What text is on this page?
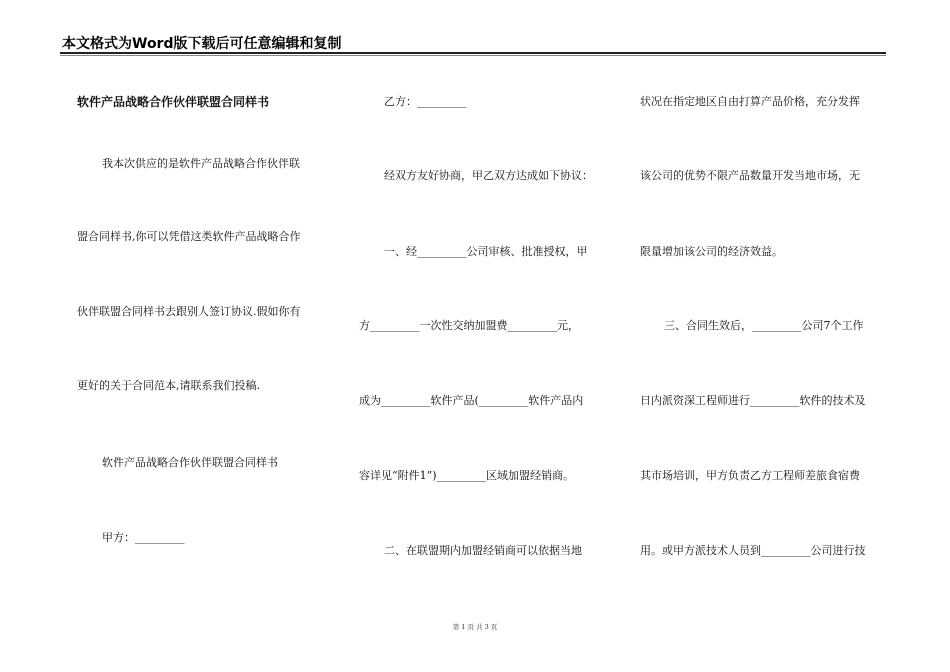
本文格式为Word版下载后可任意编辑和复制
软件产品战略合作伙伴联盟合同样书
我本次供应的是软件产品战略合作伙伴联
盟合同样书,你可以凭借这类软件产品战略合作
伙伴联盟合同样书去跟别人签订协议.假如你有
更好的关于合同范本,请联系我们投稿.
软件产品战略合作伙伴联盟合同样书
甲方：_________
乙方：_________
经双方友好协商，甲乙双方达成如下协议：
一、经_________公司审核、批准授权，甲
方_________一次性交纳加盟费_________元，
成为_________软件产品(_________软件产品内
容详见“附件1”)_________区域加盟经销商。
二、在联盟期内加盟经销商可以依据当地
状况在指定地区自由打算产品价格，充分发挥
该公司的优势不限产品数量开发当地市场，无
限量增加该公司的经济效益。
三、合同生效后，_________公司7个工作
日内派资深工程师进行_________软件的技术及
其市场培训，甲方负责乙方工程师差旅食宿费
用。或甲方派技术人员到_________公司进行技
第 1 页 共 3 页
